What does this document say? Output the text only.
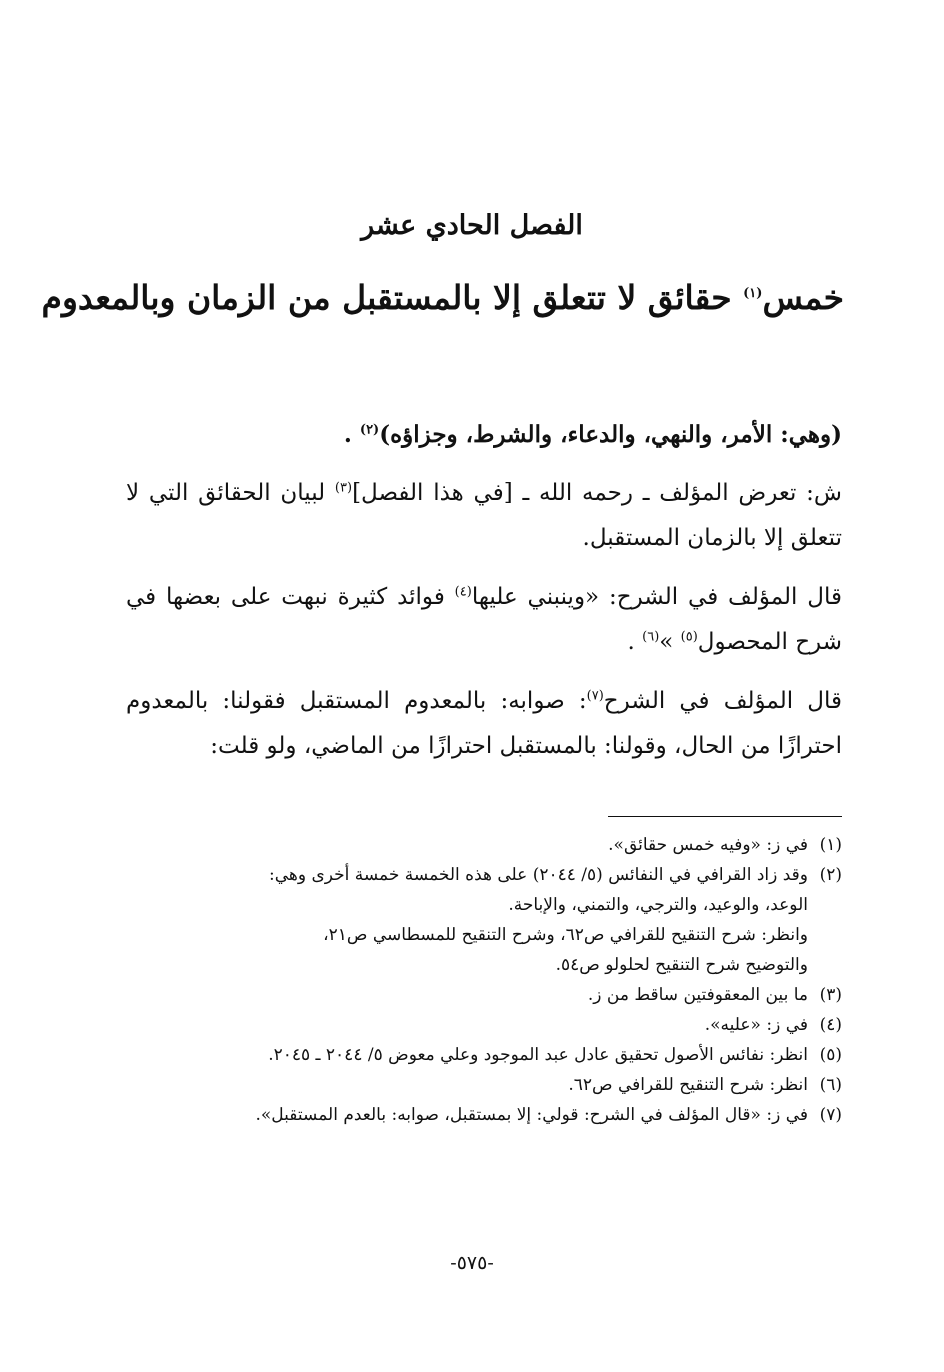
الفصل الحادي عشر
خمس$^{(١)}$ حقائق لا تتعلق إلا بالمستقبل من الزمان وبالمعدوم

(وهي: الأمر، والنهي، والدعاء، والشرط، وجزاؤه)$^{(٢)}$ .

ش: تعرض المؤلف ـ رحمه الله ـ [في هذا الفصل]$^{(٣)}$ لبيان الحقائق التي لا تتعلق إلا بالزمان المستقبل.

قال المؤلف في الشرح: «وينبني عليها$^{(٤)}$ فوائد كثيرة نبهت على بعضها في شرح المحصول$^{(٥)}$ »$^{(٦)}$ .

قال المؤلف في الشرح$^{(٧)}$: صوابه: بالمعدوم المستقبل فقولنا: بالمعدوم احترازًا من الحال، وقولنا: بالمستقبل احترازًا من الماضي، ولو قلت:

(١)
في ز: «وفيه خمس حقائق».
(٢)
وقد زاد القرافي في النفائس (٥/ ٢٠٤٤) على هذه الخمسة خمسة أخرى وهي:
الوعد، والوعيد، والترجي، والتمني، والإباحة.
وانظر: شرح التنقيح للقرافي ص٦٢، وشرح التنقيح للمسطاسي ص٢١،
والتوضيح شرح التنقيح لحلولو ص٥٤.
(٣)
ما بين المعقوفتين ساقط من ز.
(٤)
في ز: «عليه».
(٥)
انظر: نفائس الأصول تحقيق عادل عبد الموجود وعلي معوض ٥/ ٢٠٤٤ ـ ٢٠٤٥.
(٦)
انظر: شرح التنقيح للقرافي ص٦٢.
(٧)
في ز: «قال المؤلف في الشرح: قولي: إلا بمستقبل، صوابه: بالعدم المستقبل».
-٥٧٥-
